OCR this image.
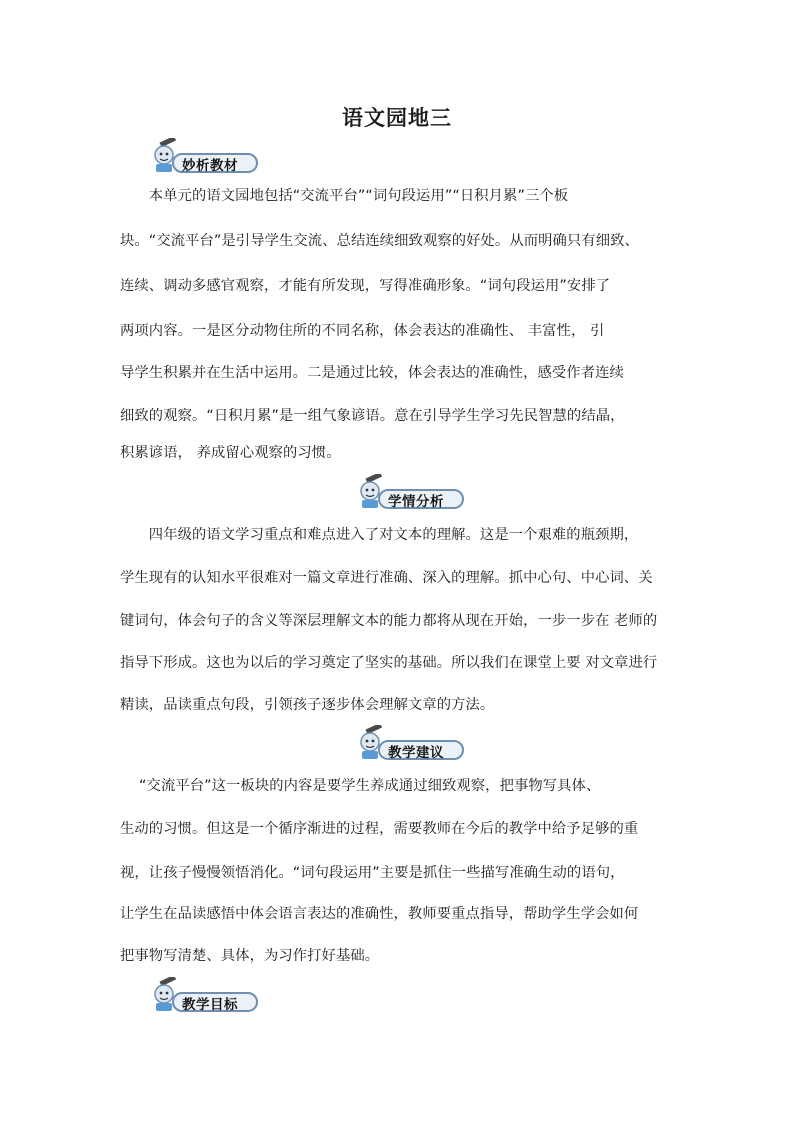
语文园地三
妙析教材
　　本单元的语文园地包括“交流平台”“词句段运用”“日积月累”三个板
块。“交流平台”是引导学生交流、总结连续细致观察的好处。从而明确只有细致、
连续、调动多感官观察，才能有所发现，写得准确形象。“词句段运用”安排了
两项内容。一是区分动物住所的不同名称，体会表达的准确性、 丰富性， 引
导学生积累并在生活中运用。二是通过比较，体会表达的准确性，感受作者连续
细致的观察。“日积月累”是一组气象谚语。意在引导学生学习先民智慧的结晶，
积累谚语， 养成留心观察的习惯。
学情分析
　　四年级的语文学习重点和难点进入了对文本的理解。这是一个艰难的瓶颈期，
学生现有的认知水平很难对一篇文章进行准确、深入的理解。抓中心句、中心词、关
键词句，体会句子的含义等深层理解文本的能力都将从现在开始，一步一步在 老师的
指导下形成。这也为以后的学习奠定了坚实的基础。所以我们在课堂上要 对文章进行
精读，品读重点句段，引领孩子逐步体会理解文章的方法。
教学建议
　 “交流平台”这一板块的内容是要学生养成通过细致观察，把事物写具体、
生动的习惯。但这是一个循序渐进的过程，需要教师在今后的教学中给予足够的重
视，让孩子慢慢领悟消化。“词句段运用”主要是抓住一些描写准确生动的语句，
让学生在品读感悟中体会语言表达的准确性，教师要重点指导，帮助学生学会如何
把事物写清楚、具体，为习作打好基础。
教学目标
